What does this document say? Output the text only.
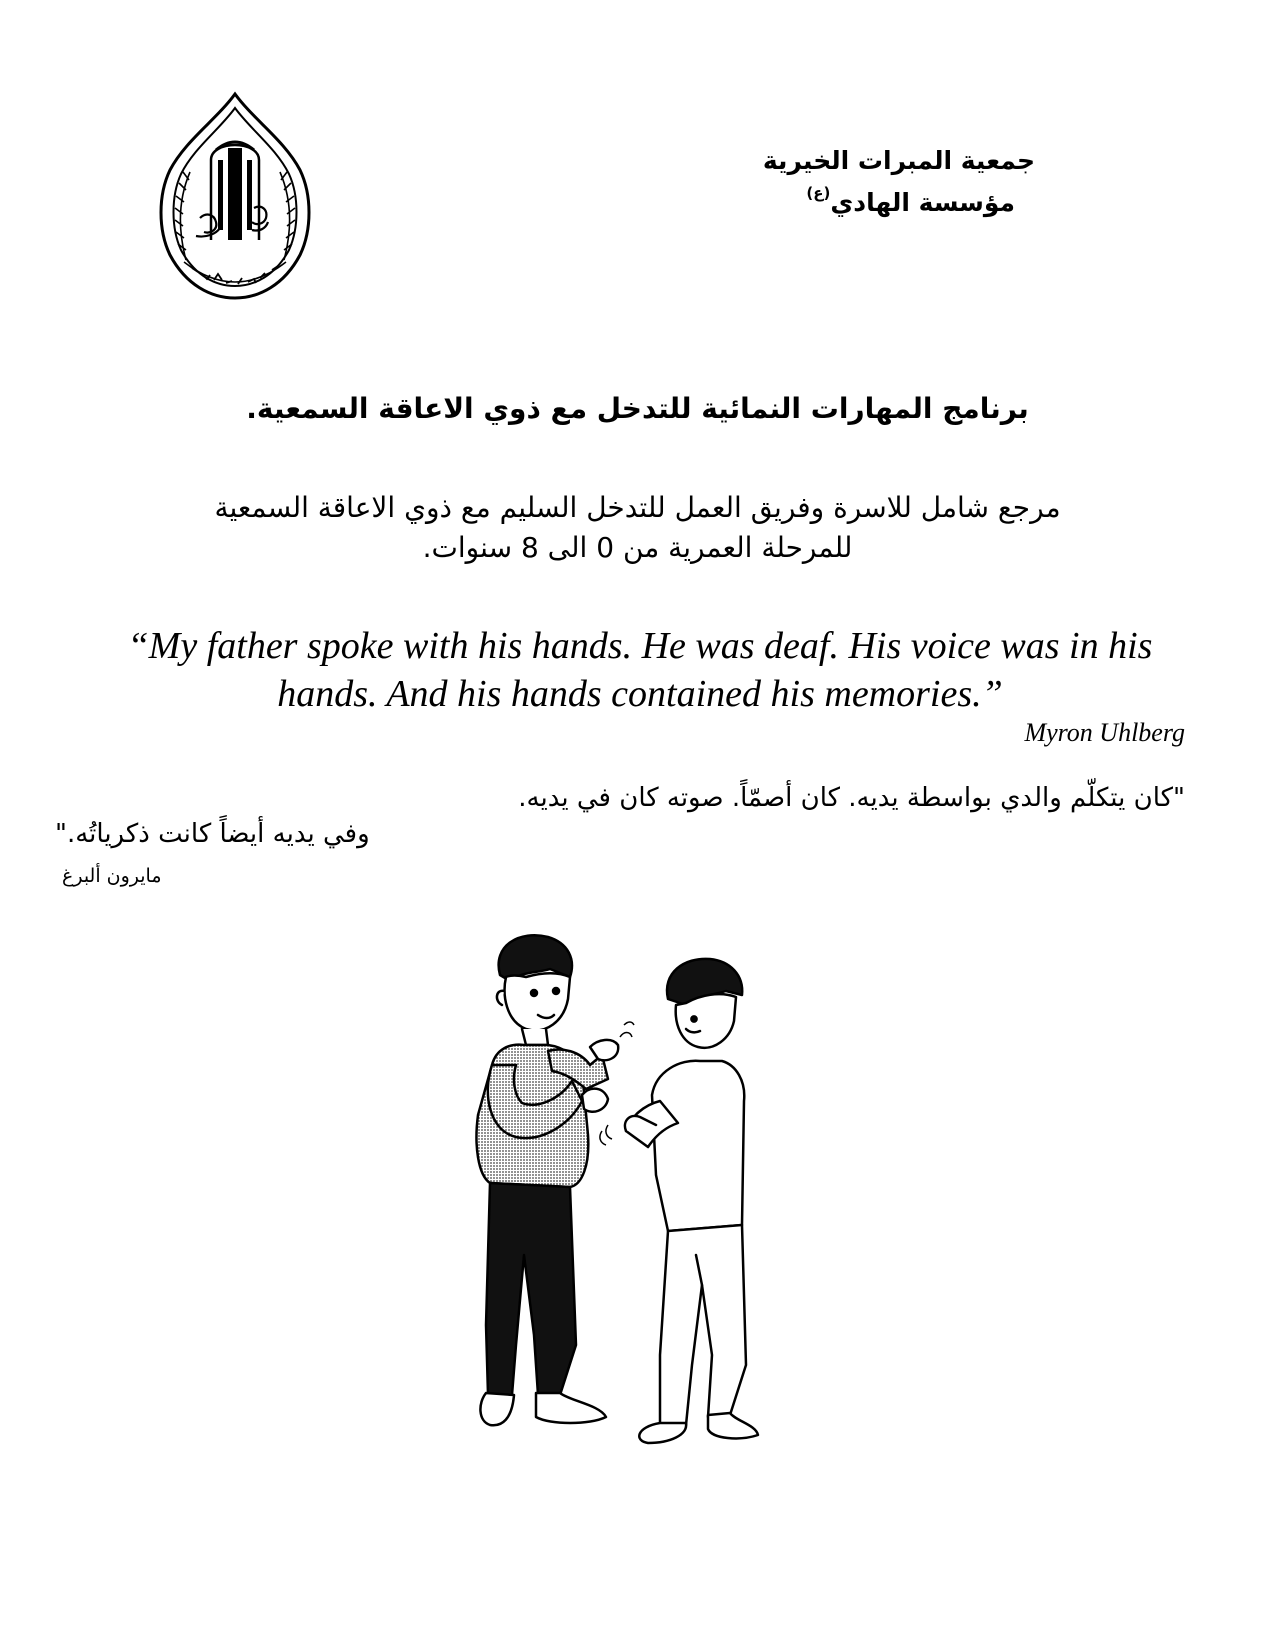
جمعية المبرات الخيرية
مؤسسة الهادي$^{(ع)}$
برنامج المهارات النمائية للتدخل مع ذوي الاعاقة السمعية.
مرجع شامل للاسرة وفريق العمل للتدخل السليم مع ذوي الاعاقة السمعية
للمرحلة العمرية من 0 الى 8 سنوات.
“My father spoke with his hands. He was deaf. His voice was in his
hands. And his hands contained his memories.”
Myron Uhlberg
"كان يتكلّم والدي بواسطة يديه. كان أصمّاً. صوته كان في يديه.
وفي يديه أيضاً كانت ذكرياتُه."
مايرون ألبرغ
